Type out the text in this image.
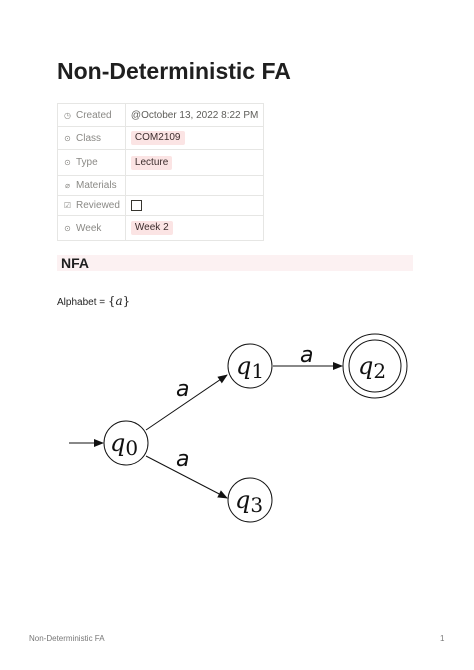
Non-Deterministic FA
◷ Created	@October 13, 2022 8:22 PM
⊙ Class	COM2109
⊙ Type	Lecture
⌀ Materials	
☑ Reviewed	
⊙ Week	Week 2
NFA
Alphabet = {a}
a
a
a
q0
q1	q2
q3
Non-Deterministic FA	1
